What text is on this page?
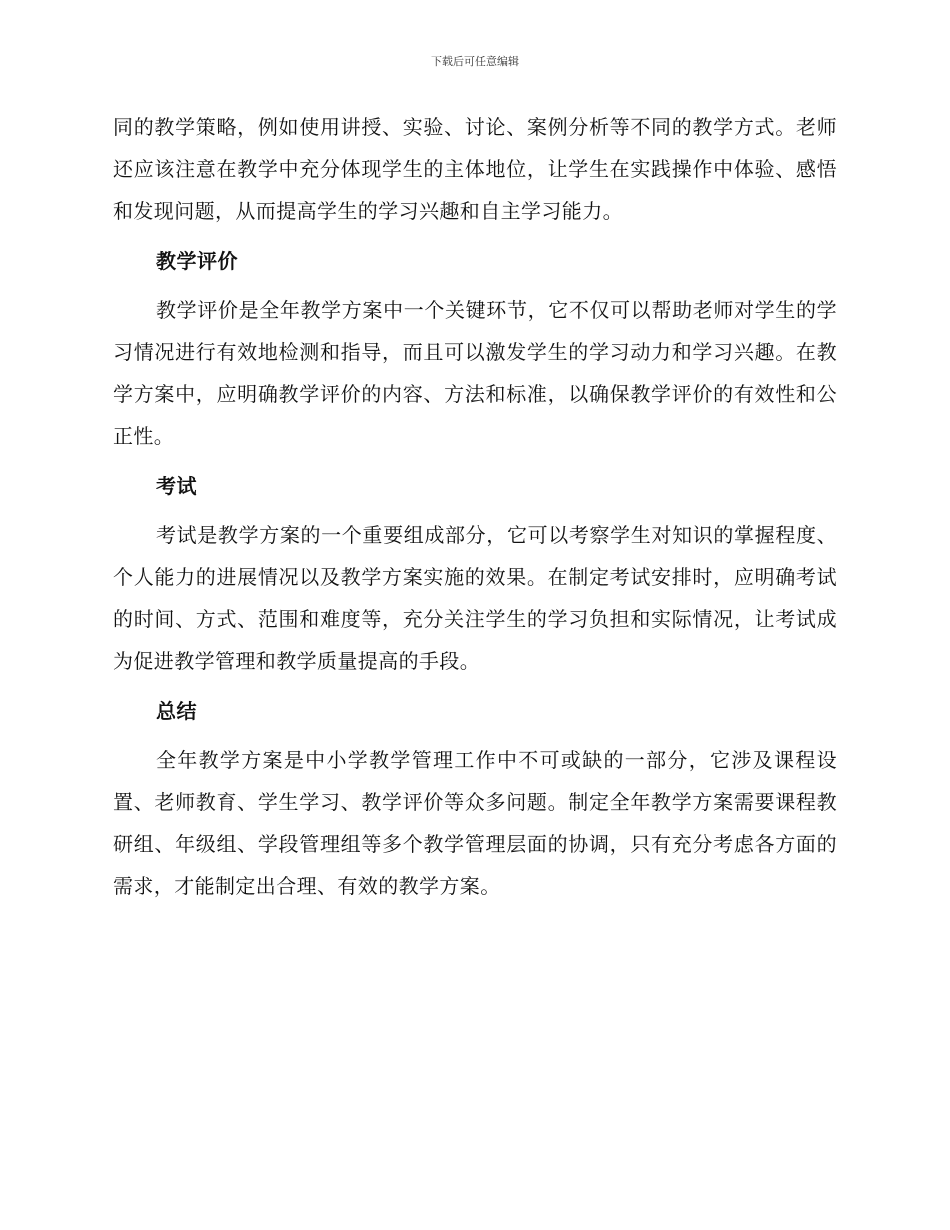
下载后可任意编辑

同的教学策略，例如使用讲授、实验、讨论、案例分析等不同的教学方式。老师还应该注意在教学中充分体现学生的主体地位，让学生在实践操作中体验、感悟和发现问题，从而提高学生的学习兴趣和自主学习能力。

教学评价

教学评价是全年教学方案中一个关键环节，它不仅可以帮助老师对学生的学习情况进行有效地检测和指导，而且可以激发学生的学习动力和学习兴趣。在教学方案中，应明确教学评价的内容、方法和标准，以确保教学评价的有效性和公正性。

考试

考试是教学方案的一个重要组成部分，它可以考察学生对知识的掌握程度、个人能力的进展情况以及教学方案实施的效果。在制定考试安排时，应明确考试的时间、方式、范围和难度等，充分关注学生的学习负担和实际情况，让考试成为促进教学管理和教学质量提高的手段。

总结

全年教学方案是中小学教学管理工作中不可或缺的一部分，它涉及课程设置、老师教育、学生学习、教学评价等众多问题。制定全年教学方案需要课程教研组、年级组、学段管理组等多个教学管理层面的协调，只有充分考虑各方面的需求，才能制定出合理、有效的教学方案。
